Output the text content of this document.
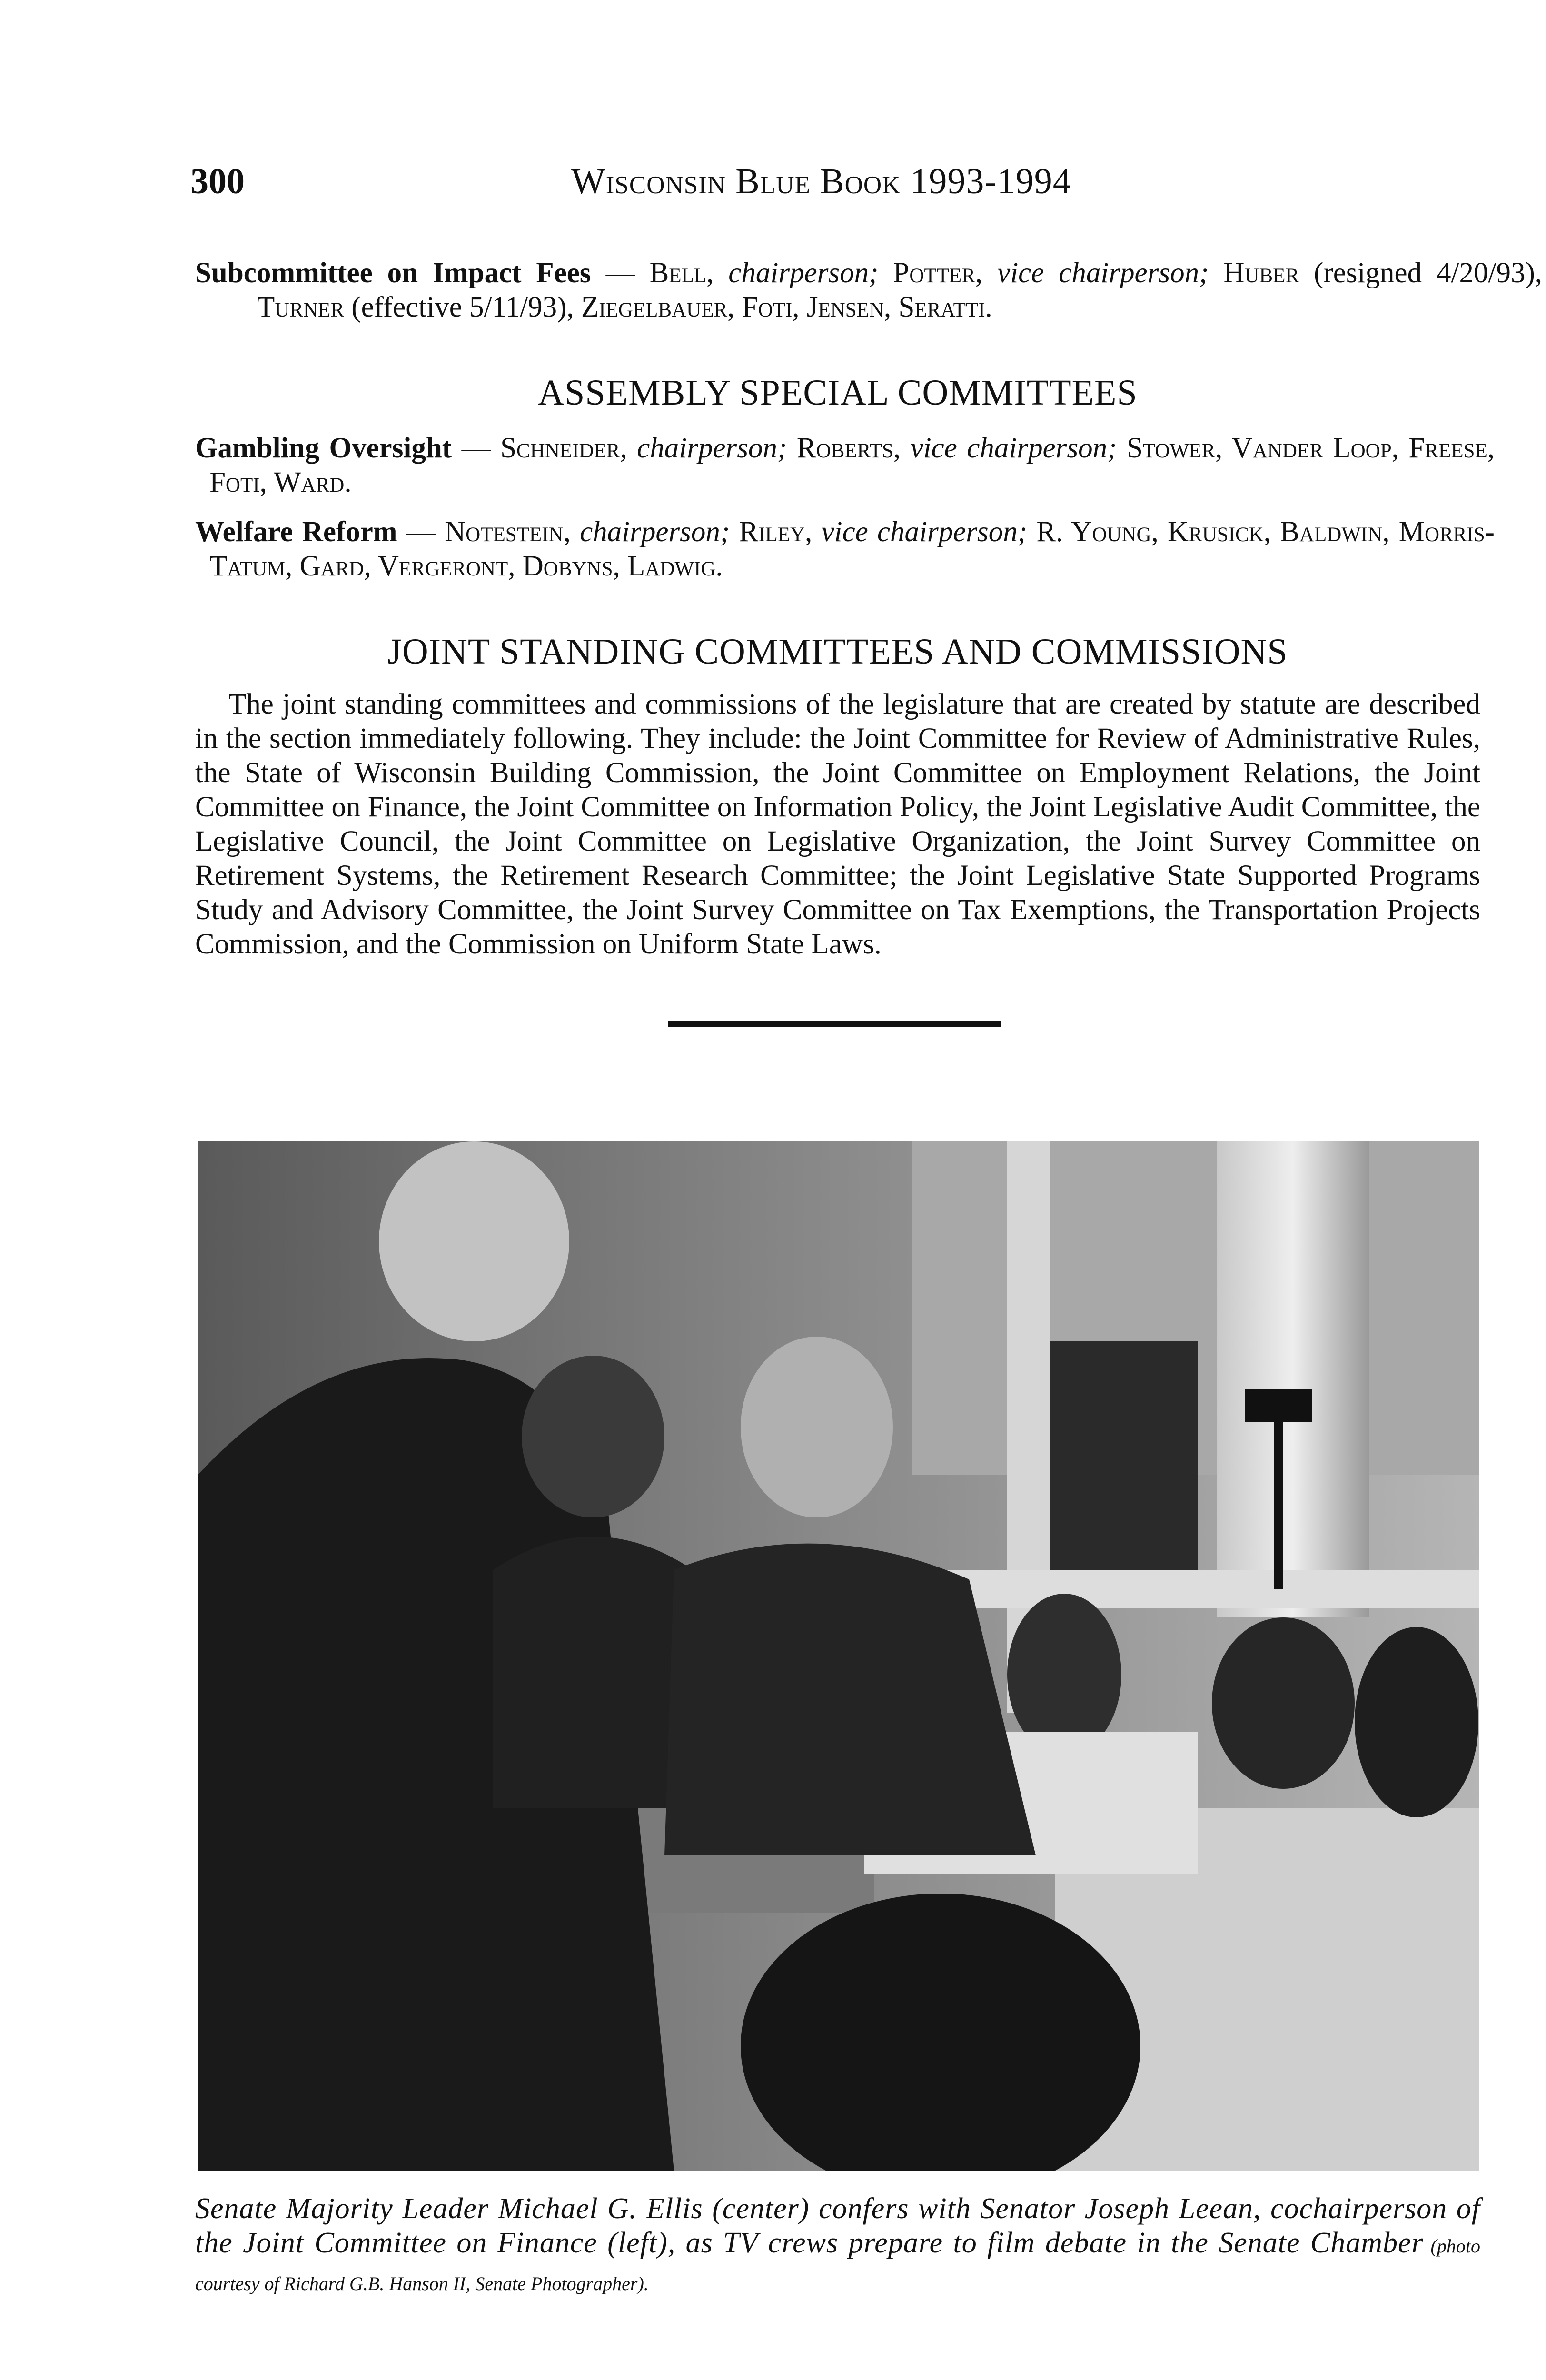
300	Wisconsin Blue Book 1993-1994
Subcommittee on Impact Fees — Bell, chairperson; Potter, vice chairperson; Huber (resigned 4/20/93), Turner (effective 5/11/93), Ziegelbauer, Foti, Jensen, Seratti.
ASSEMBLY SPECIAL COMMITTEES
Gambling Oversight — Schneider, chairperson; Roberts, vice chairperson; Stower, Vander Loop, Freese, Foti, Ward.
Welfare Reform — Notestein, chairperson; Riley, vice chairperson; R. Young, Krusick, Baldwin, Morris-Tatum, Gard, Vergeront, Dobyns, Ladwig.
JOINT STANDING COMMITTEES AND COMMISSIONS
The joint standing committees and commissions of the legislature that are created by statute are described in the section immediately following. They include: the Joint Committee for Review of Administrative Rules, the State of Wisconsin Building Commission, the Joint Committee on Employment Relations, the Joint Committee on Finance, the Joint Committee on Information Policy, the Joint Legislative Audit Committee, the Legislative Council, the Joint Committee on Legislative Organization, the Joint Survey Committee on Retirement Systems, the Retirement Research Committee; the Joint Legislative State Supported Programs Study and Advisory Committee, the Joint Survey Committee on Tax Exemptions, the Transportation Projects Commission, and the Commission on Uniform State Laws.
Senate Majority Leader Michael G. Ellis (center) confers with Senator Joseph Leean, cochairperson of the Joint Committee on Finance (left), as TV crews prepare to film debate in the Senate Chamber (photo courtesy of Richard G.B. Hanson II, Senate Photographer).
